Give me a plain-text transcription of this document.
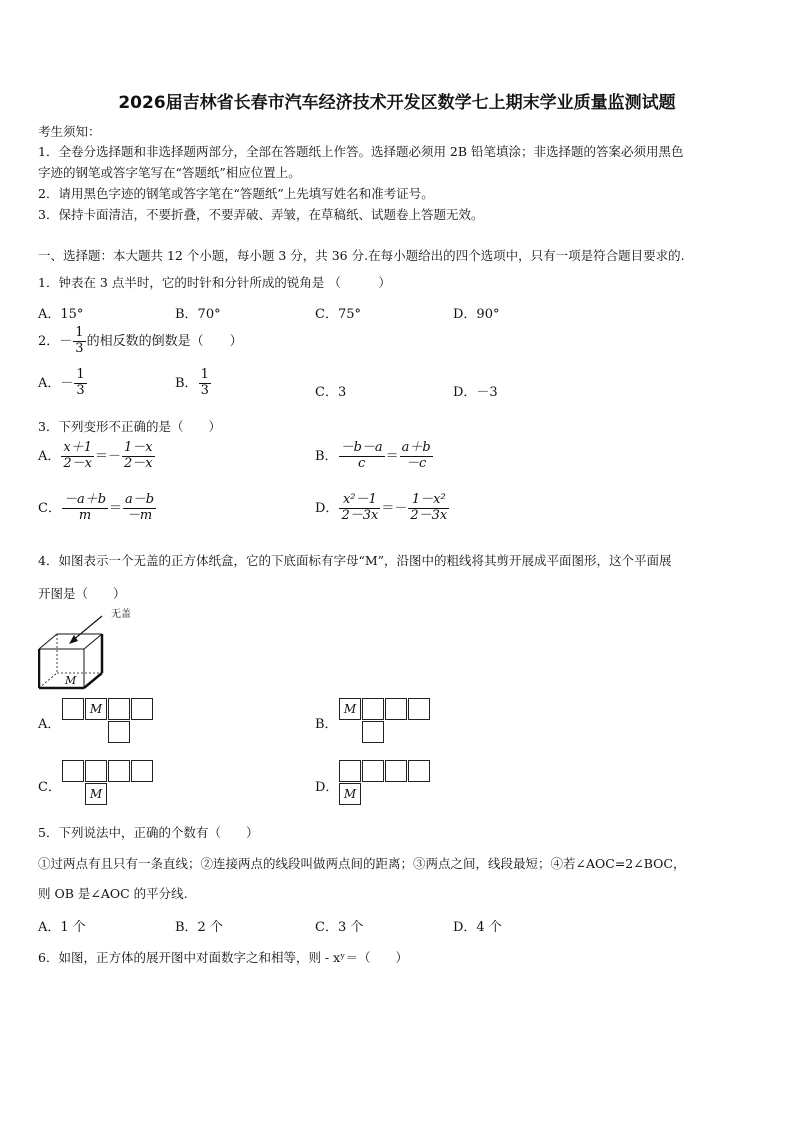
2026届吉林省长春市汽车经济技术开发区数学七上期末学业质量监测试题
考生须知：
1．全卷分选择题和非选择题两部分，全部在答题纸上作答。选择题必须用 2B 铅笔填涂；非选择题的答案必须用黑色
字迹的钢笔或答字笔写在“答题纸”相应位置上。
2．请用黑色字迹的钢笔或答字笔在“答题纸”上先填写姓名和准考证号。
3．保持卡面清洁，不要折叠，不要弄破、弄皱，在草稿纸、试题卷上答题无效。
一、选择题：本大题共 12 个小题，每小题 3 分，共 36 分.在每小题给出的四个选项中，只有一项是符合题目要求的.
1．钟表在 3 点半时，它的时针和分针所成的锐角是 （　　　）
A．15°	B．70°	C．75°	D．90°
2．－ $\frac{1}{3}$ 的相反数的倒数是（　　）
A．－ $\frac{1}{3}$	B． $\frac{1}{3}$	C．3	D．－3
3．下列变形不正确的是（　　）
A． $\frac{x+1}{2-x} =- \frac{1-x}{2-x}$	B． $\frac{-b-a}{c} = \frac{a+b}{-c}$
C． $\frac{-a+b}{m} = \frac{a-b}{-m}$	D． $\frac{\text{x²－1}}{2-3x} =- \frac{\text{1－x²}}{2-3x}$
4．如图表示一个无盖的正方体纸盒，它的下底面标有字母“M”，沿图中的粗线将其剪开展成平面图形，这个平面展
开图是（　　）
无盖
M
A．
M
B．
M
C．	M	D． M
5．下列说法中，正确的个数有（　　）
①过两点有且只有一条直线；②连接两点的线段叫做两点间的距离；③两点之间，线段最短；④若∠AOC=2∠BOC，
则 OB 是∠AOC 的平分线.
A．1 个	B．2 个	C．3 个	D．4 个
6．如图，正方体的展开图中对面数字之和相等，则 - xʸ＝（　　）
